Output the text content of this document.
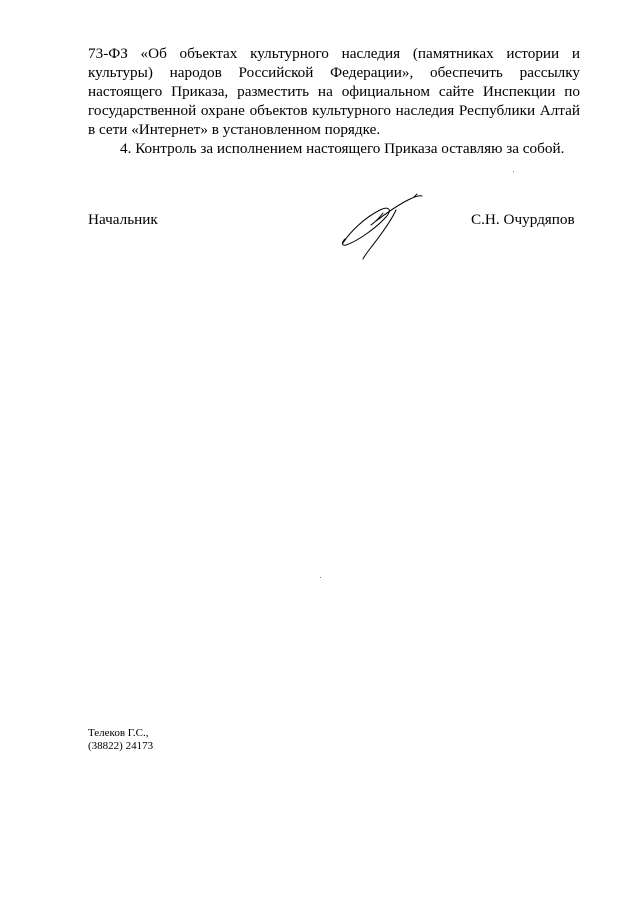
73-ФЗ «Об объектах культурного наследия (памятниках истории и культуры) народов Российской Федерации», обеспечить рассылку настоящего Приказа, разместить на официальном сайте Инспекции по государственной охране объектов культурного наследия Республики Алтай в сети «Интернет» в установленном порядке.

4. Контроль за исполнением настоящего Приказа оставляю за собой.

Начальник	С.Н. Очурдяпов
Телеков Г.С.,
(38822) 24173
